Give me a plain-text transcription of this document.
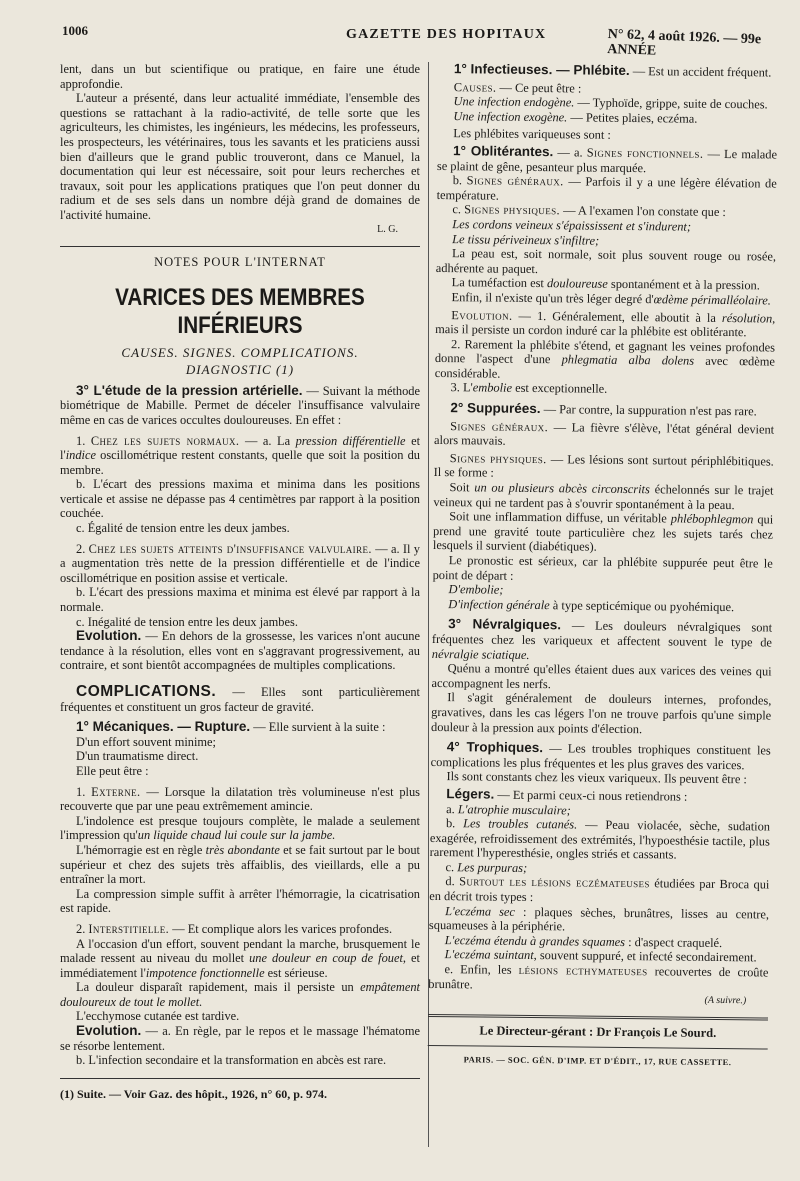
1006	GAZETTE DES HOPITAUX	N° 62, 4 août 1926. — 99e ANNÉE

lent, dans un but scientifique ou pratique, en faire une étude approfondie.

L'auteur a présenté, dans leur actualité immédiate, l'ensemble des questions se rattachant à la radio-activité, de telle sorte que les agriculteurs, les chimistes, les ingénieurs, les médecins, les professeurs, les prospecteurs, les vétérinaires, tous les savants et les praticiens aussi bien d'ailleurs que le grand public trouveront, dans ce Manuel, la documentation qui leur est nécessaire, soit pour leurs recherches et travaux, soit pour les applications pratiques que l'on peut donner du radium et de ses sels dans un nombre déjà grand de domaines de l'activité humaine.

L. G.
NOTES POUR L'INTERNAT
VARICES DES MEMBRES INFÉRIEURS
CAUSES. SIGNES. COMPLICATIONS.
DIAGNOSTIC (1)

3° L'étude de la pression artérielle. — Suivant la méthode biométrique de Mabille. Permet de déceler l'insuffisance valvulaire même en cas de varices occultes douloureuses. En effet :

1. Chez les sujets normaux. — a. La pression différentielle et l'indice oscillométrique restent constants, quelle que soit la position du membre.

b. L'écart des pressions maxima et minima dans les positions verticale et assise ne dépasse pas 4 centimètres par rapport à la position couchée.

c. Égalité de tension entre les deux jambes.

2. Chez les sujets atteints d'insuffisance valvulaire. — a. Il y a augmentation très nette de la pression différentielle et de l'indice oscillométrique en position assise et verticale.

b. L'écart des pressions maxima et minima est élevé par rapport à la normale.

c. Inégalité de tension entre les deux jambes.

Evolution. — En dehors de la grossesse, les varices n'ont aucune tendance à la résolution, elles vont en s'aggravant progressivement, au contraire, et sont bientôt accompagnées de multiples complications.

COMPLICATIONS. — Elles sont particulièrement fréquentes et constituent un gros facteur de gravité.

1° Mécaniques. — Rupture. — Elle survient à la suite :

D'un effort souvent minime;

D'un traumatisme direct.

Elle peut être :

1. Externe. — Lorsque la dilatation très volumineuse n'est plus recouverte que par une peau extrêmement amincie.

L'indolence est presque toujours complète, le malade a seulement l'impression qu'un liquide chaud lui coule sur la jambe.

L'hémorragie est en règle très abondante et se fait surtout par le bout supérieur et chez des sujets très affaiblis, des vieillards, elle a pu entraîner la mort.

La compression simple suffit à arrêter l'hémorragie, la cicatrisation est rapide.

2. Interstitielle. — Et complique alors les varices profondes.

A l'occasion d'un effort, souvent pendant la marche, brusquement le malade ressent au niveau du mollet une douleur en coup de fouet, et immédiatement l'impotence fonctionnelle est sérieuse.

La douleur disparaît rapidement, mais il persiste un empâtement douloureux de tout le mollet.

L'ecchymose cutanée est tardive.

Evolution. — a. En règle, par le repos et le massage l'hématome se résorbe lentement.

b. L'infection secondaire et la transformation en abcès est rare.

(1) Suite. — Voir Gaz. des hôpit., 1926, n° 60, p. 974.

1° Infectieuses. — Phlébite. — Est un accident fréquent.

Causes. — Ce peut être :

Une infection endogène. — Typhoïde, grippe, suite de couches.

Une infection exogène. — Petites plaies, eczéma.

Les phlébites variqueuses sont :

1° Oblitérantes. — a. Signes fonctionnels. — Le malade se plaint de gêne, pesanteur plus marquée.

b. Signes généraux. — Parfois il y a une légère élévation de température.

c. Signes physiques. — A l'examen l'on constate que :

Les cordons veineux s'épaississent et s'indurent;

Le tissu périveineux s'infiltre;

La peau est, soit normale, soit plus souvent rouge ou rosée, adhérente au paquet.

La tuméfaction est douloureuse spontanément et à la pression.

Enfin, il n'existe qu'un très léger degré d'œdème périmalléolaire.

Evolution. — 1. Généralement, elle aboutit à la résolution, mais il persiste un cordon induré car la phlébite est oblitérante.

2. Rarement la phlébite s'étend, et gagnant les veines profondes donne l'aspect d'une phlegmatia alba dolens avec œdème considérable.

3. L'embolie est exceptionnelle.

2° Suppurées. — Par contre, la suppuration n'est pas rare.

Signes généraux. — La fièvre s'élève, l'état général devient alors mauvais.

Signes physiques. — Les lésions sont surtout périphlébitiques. Il se forme :

Soit un ou plusieurs abcès circonscrits échelonnés sur le trajet veineux qui ne tardent pas à s'ouvrir spontanément à la peau.

Soit une inflammation diffuse, un véritable phlébophlegmon qui prend une gravité toute particulière chez les sujets tarés chez lesquels il survient (diabétiques).

Le pronostic est sérieux, car la phlébite suppurée peut être le point de départ :

D'embolie;

D'infection générale à type septicémique ou pyohémique.

3° Névralgiques. — Les douleurs névralgiques sont fréquentes chez les variqueux et affectent souvent le type de névralgie sciatique.

Quénu a montré qu'elles étaient dues aux varices des veines qui accompagnent les nerfs.

Il s'agit généralement de douleurs internes, profondes, gravatives, dans les cas légers l'on ne trouve parfois qu'une simple douleur à la pression aux points d'élection.

4° Trophiques. — Les troubles trophiques constituent les complications les plus fréquentes et les plus graves des varices.

Ils sont constants chez les vieux variqueux. Ils peuvent être :

Légers. — Et parmi ceux-ci nous retiendrons :

a. L'atrophie musculaire;

b. Les troubles cutanés. — Peau violacée, sèche, sudation exagérée, refroidissement des extrémités, l'hypoesthésie tactile, plus rarement l'hyperesthésie, ongles striés et cassants.

c. Les purpuras;

d. Surtout les lésions eczémateuses étudiées par Broca qui en décrit trois types :

L'eczéma sec : plaques sèches, brunâtres, lisses au centre, squameuses à la périphérie.

L'eczéma étendu à grandes squames : d'aspect craquelé.

L'eczéma suintant, souvent suppuré, et infecté secondairement.

e. Enfin, les lésions ecthymateuses recouvertes de croûte brunâtre.

(A suivre.)
Le Directeur-gérant : Dr François Le Sourd.
PARIS. — SOC. GÉN. D'IMP. ET D'ÉDIT., 17, RUE CASSETTE.
